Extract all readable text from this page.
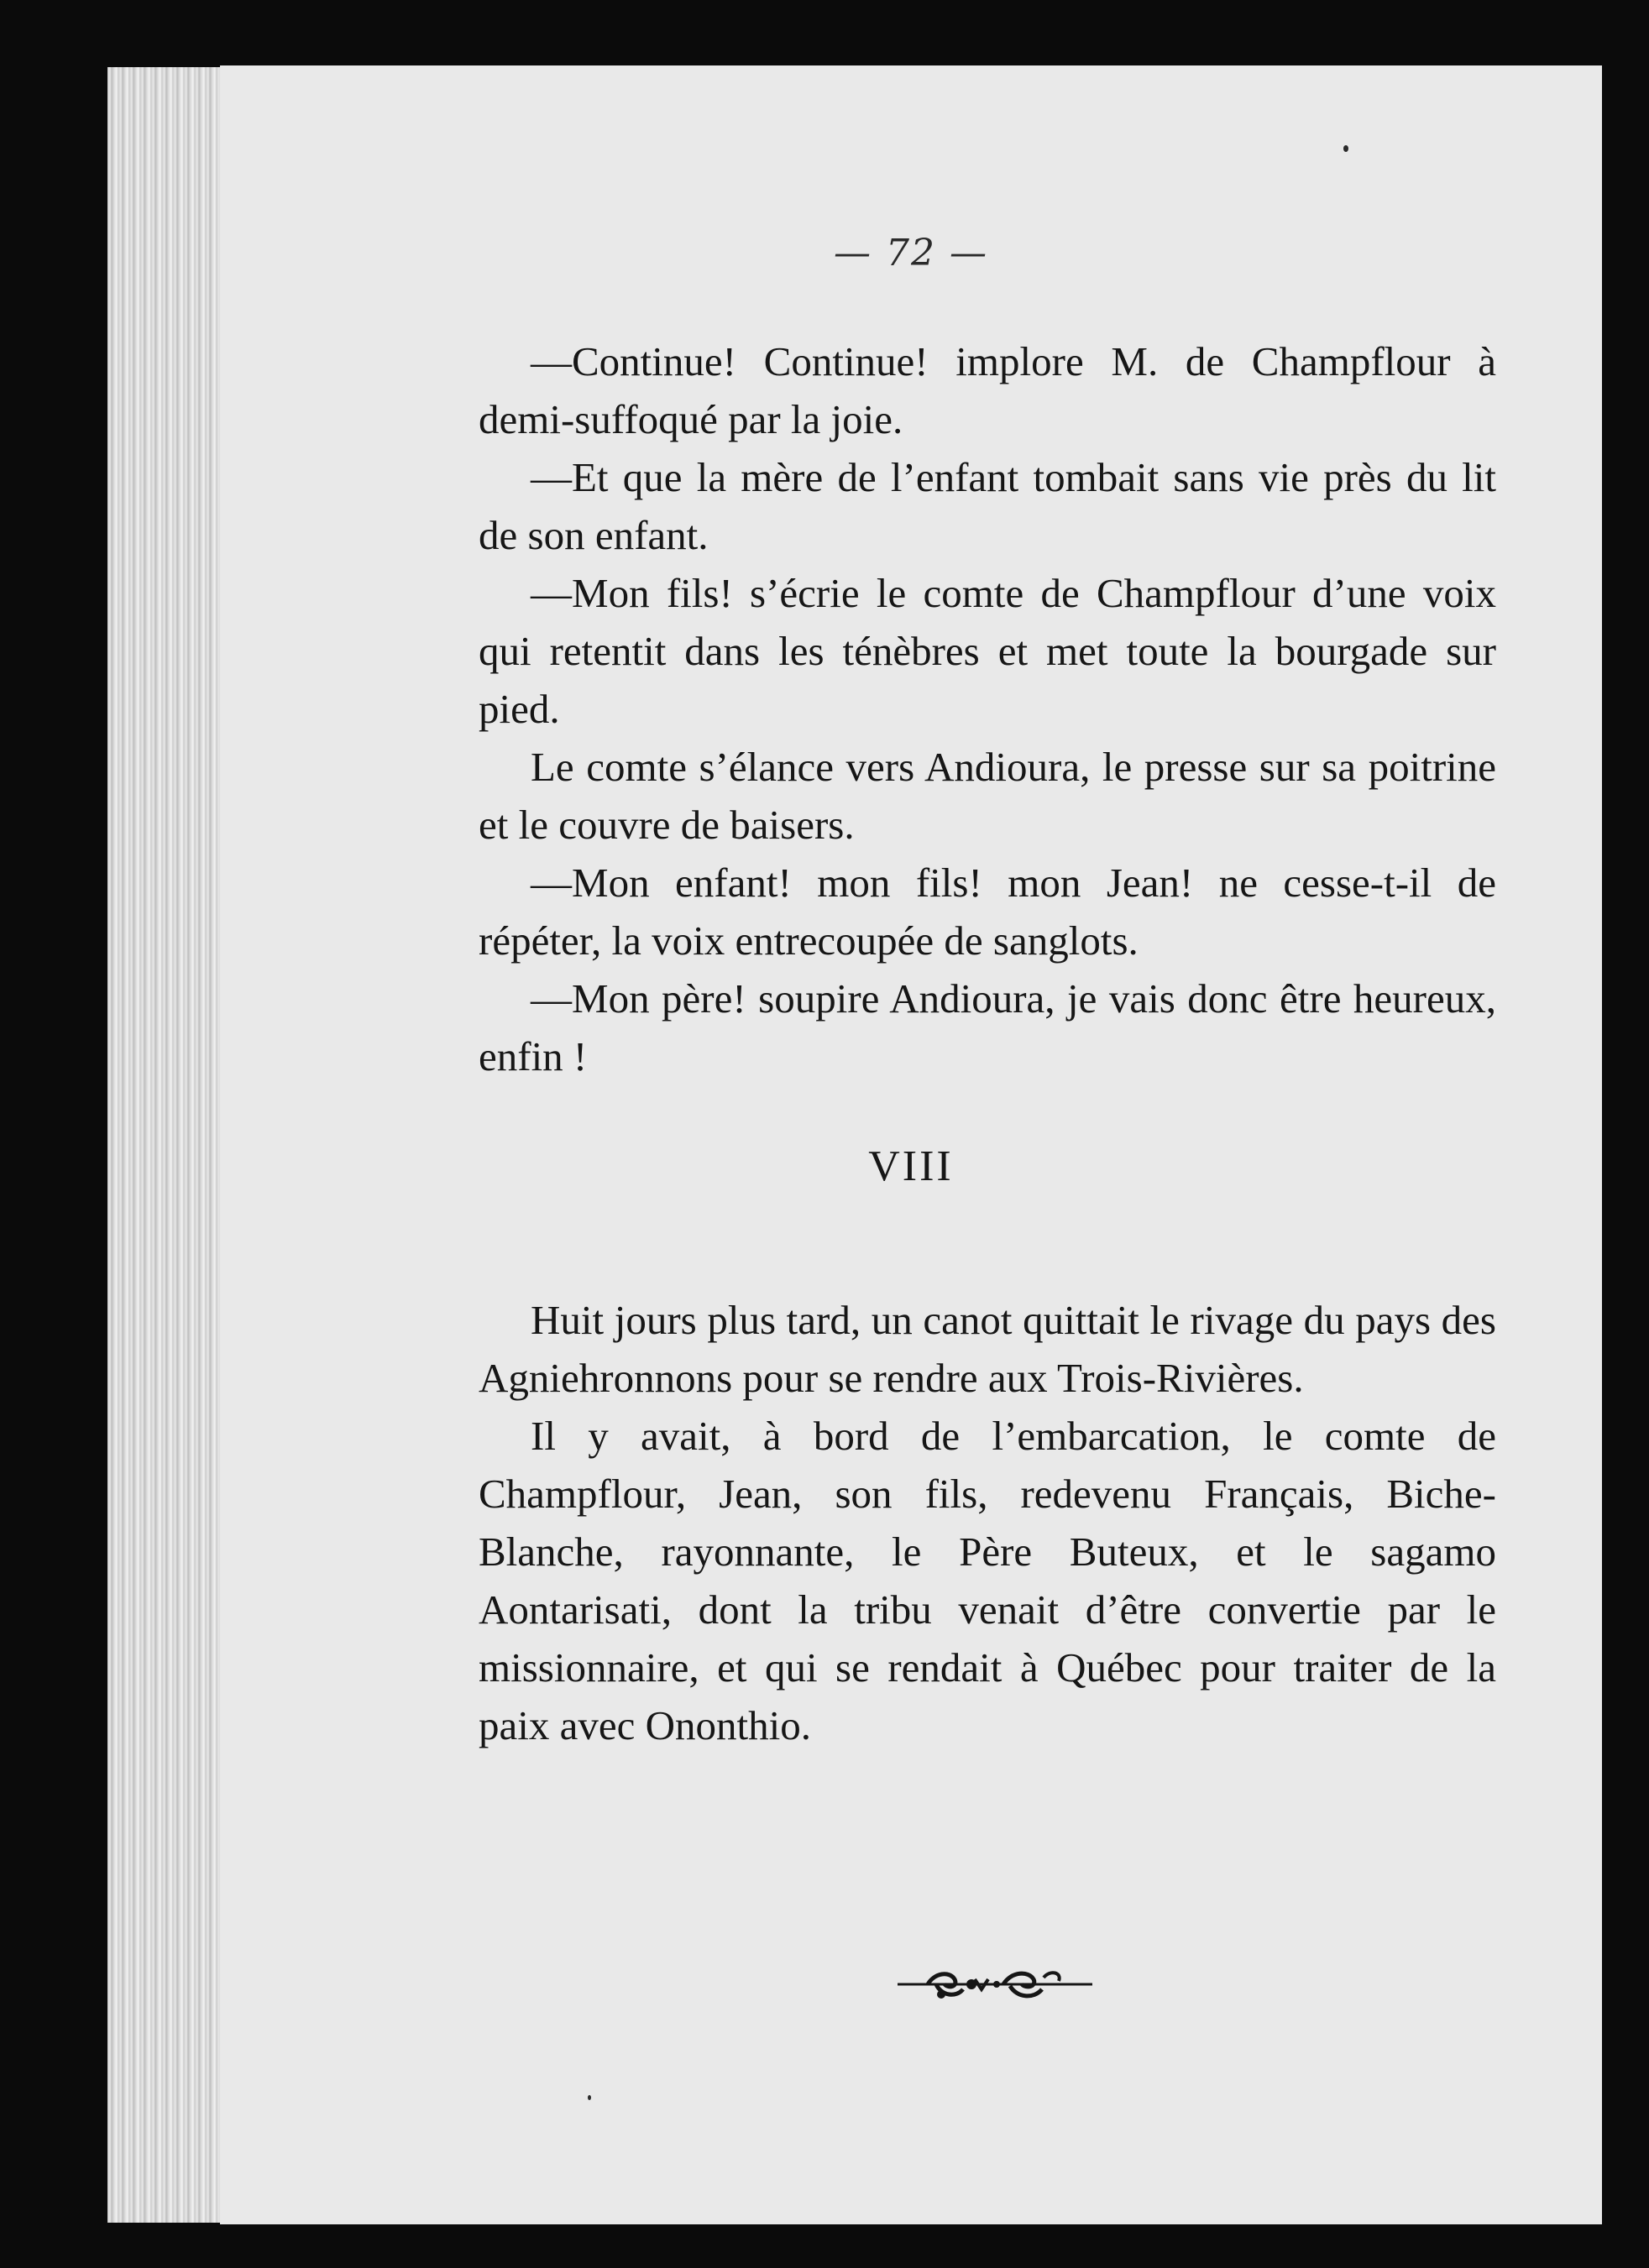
— 72 —

—Continue! Continue! implore M. de Champflour à demi-suffoqué par la joie.

—Et que la mère de l’enfant tombait sans vie près du lit de son enfant.

—Mon fils! s’écrie le comte de Champflour d’une voix qui retentit dans les ténèbres et met toute la bourgade sur pied.

Le comte s’élance vers Andioura, le presse sur sa poitrine et le couvre de baisers.

—Mon enfant! mon fils! mon Jean! ne cesse-t-il de répéter, la voix entrecoupée de sanglots.

—Mon père! soupire Andioura, je vais donc être heureux, enfin !

VIII

Huit jours plus tard, un canot quittait le rivage du pays des Agniehronnons pour se rendre aux Trois-Rivières.

Il y avait, à bord de l’embarcation, le comte de Champflour, Jean, son fils, redevenu Français, Biche-Blanche, rayonnante, le Père Buteux, et le sagamo Aontarisati, dont la tribu venait d’être convertie par le missionnaire, et qui se rendait à Québec pour traiter de la paix avec Ononthio.
